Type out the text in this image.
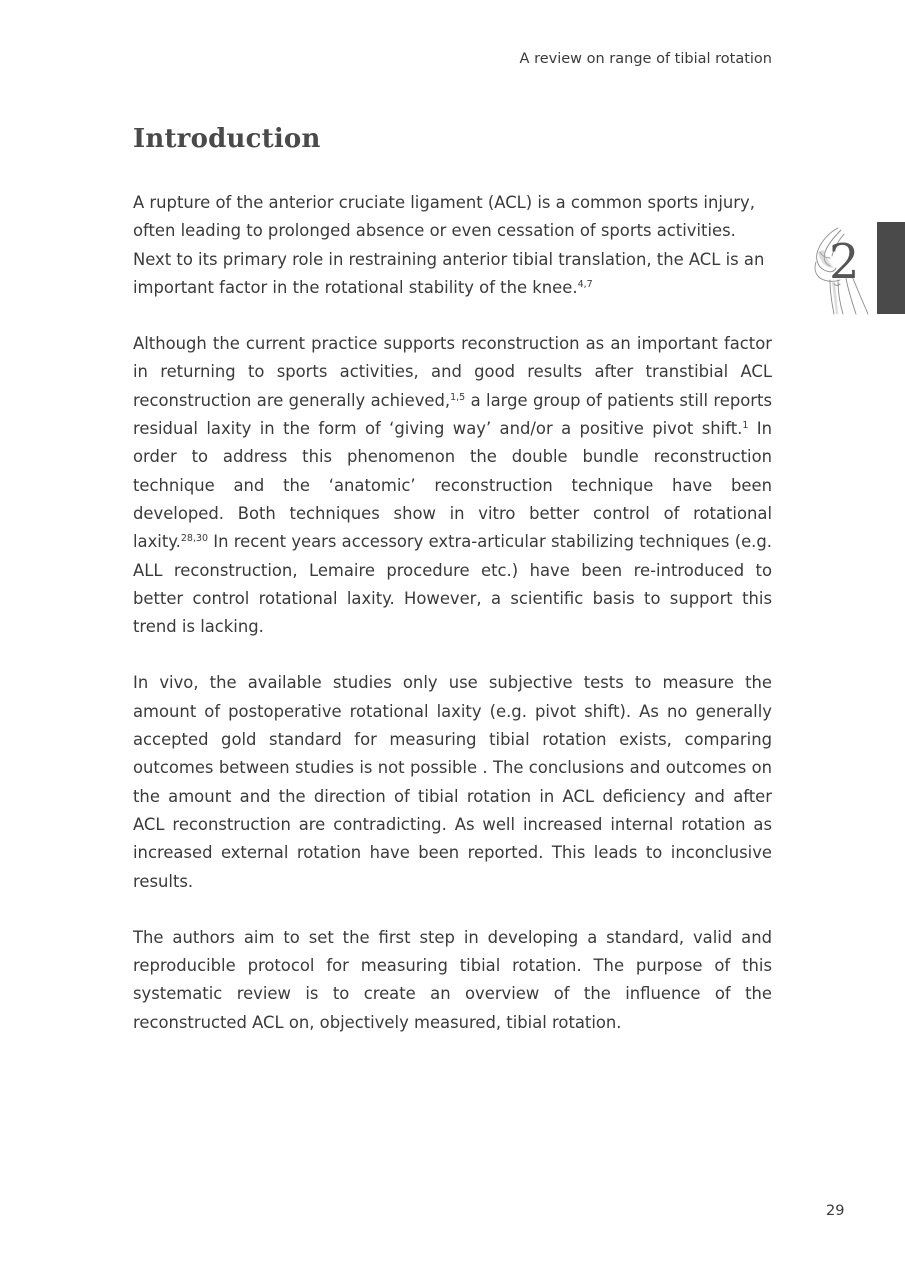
A review on range of tibial rotation
Introduction

A rupture of the anterior cruciate ligament (ACL) is a common sports injury, often leading to prolonged absence or even cessation of sports activities. Next to its primary role in restraining anterior tibial translation, the ACL is an important factor in the rotational stability of the knee.$^{4,7}$

Although the current practice supports reconstruction as an important factor in returning to sports activities, and good results after transtibial ACL reconstruction are generally achieved,$^{1,5}$ a large group of patients still reports residual laxity in the form of ‘giving way’ and/or a positive pivot shift.$^1$ In order to address this phenomenon the double bundle reconstruction technique and the ‘anatomic’ reconstruction technique have been developed. Both techniques show in vitro better control of rotational laxity.$^{28,30}$ In recent years accessory extra-articular stabilizing techniques (e.g. ALL reconstruction, Lemaire procedure etc.) have been re-introduced to better control rotational laxity. However, a scientific basis to support this trend is lacking.

In vivo, the available studies only use subjective tests to measure the amount of postoperative rotational laxity (e.g. pivot shift). As no generally accepted gold standard for measuring tibial rotation exists, comparing outcomes between studies is not possible . The conclusions and outcomes on the amount and the direction of tibial rotation in ACL deficiency and after ACL reconstruction are contradicting. As well increased internal rotation as increased external rotation have been reported. This leads to inconclusive results.

The authors aim to set the first step in developing a standard, valid and reproducible protocol for measuring tibial rotation. The purpose of this systematic review is to create an overview of the influence of the reconstructed ACL on, objectively measured, tibial rotation.

2
29
